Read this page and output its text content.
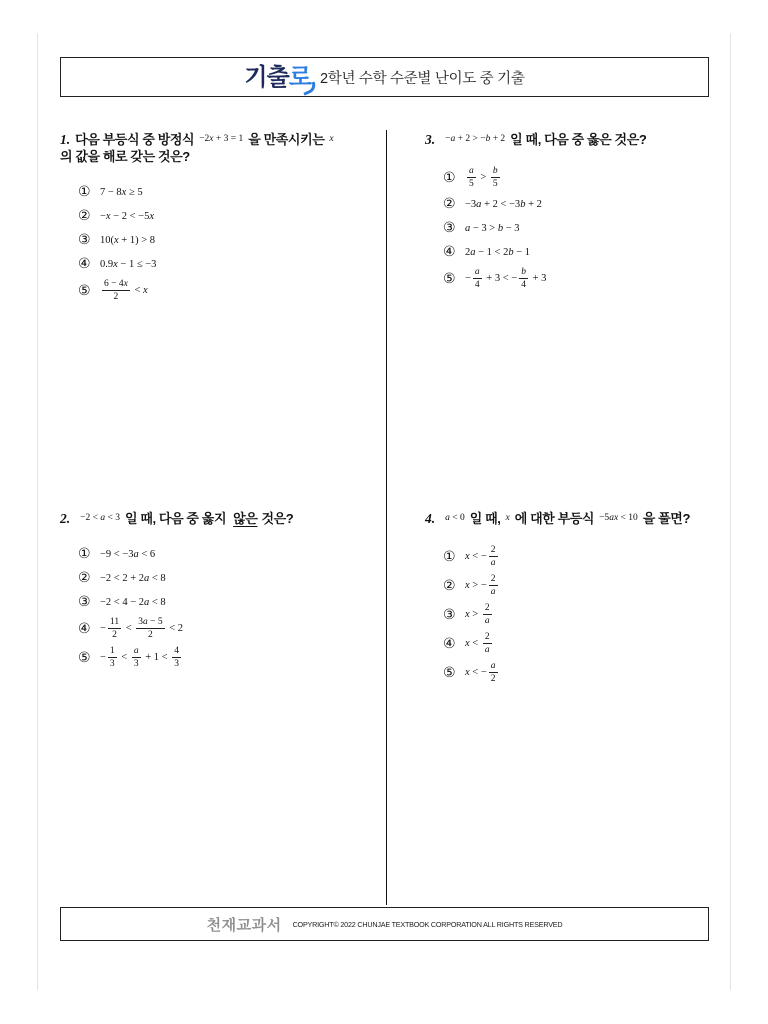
기출로 2학년 수학 수준별 난이도 중 기출
1. 다음 부등식 중 방정식 −2x + 3 = 1 을 만족시키는 x
의 값을 해로 갖는 것은?
① 7 − 8x ≥ 5
② −x − 2 < −5x
③ 10(x + 1) > 8
④ 0.9x − 1 ≤ −3
⑤ $\frac{6 - 4x}{2} < x$
2. −2 < a < 3 일 때, 다음 중 옳지 않은 것은?
① −9 < −3a < 6
② −2 < 2 + 2a < 8
③ −2 < 4 − 2a < 8
④ − $\frac{11}{2} < \frac{3a - 5}{2} < 2$
⑤ − $\frac{1}{3} < \frac{a}{3} + 1 < \frac{4}{3}$
3. −a + 2 > −b + 2 일 때, 다음 중 옳은 것은?
① $\frac{a}{5} > \frac{b}{5}$
② −3a + 2 < −3b + 2
③ a − 3 > b − 3
④ 2a − 1 < 2b − 1
⑤ − $\frac{a}{4} + 3$ < − $\frac{b}{4} + 3$
4. a < 0 일 때, x 에 대한 부등식 −5ax < 10 을 풀면?
① x < − $\frac{2}{a}$
② x > − $\frac{2}{a}$
③ $x > \frac{2}{a}$
④ $x < \frac{2}{a}$
⑤ x < − $\frac{a}{2}$
천재교과서 COPYRIGHT© 2022 CHUNJAE TEXTBOOK CORPORATION ALL RIGHTS RESERVED
